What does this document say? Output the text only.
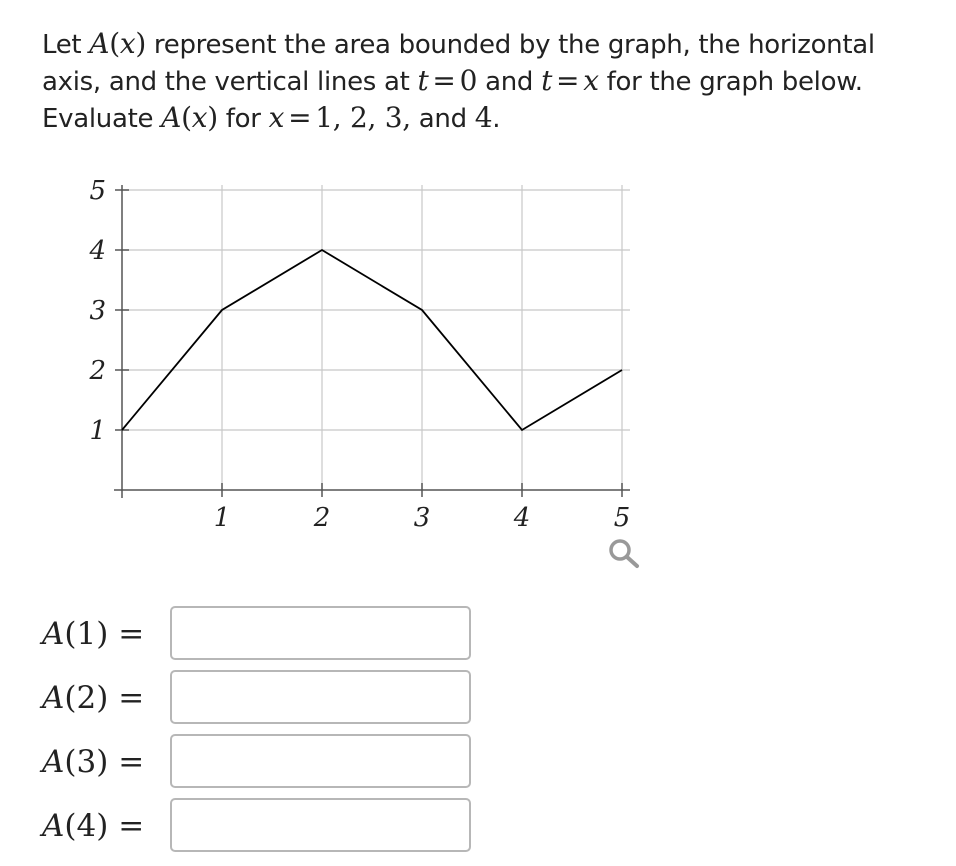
Let A(x) represent the area bounded by the graph, the horizontal axis, and the vertical lines at t = 0 and t = x for the graph below. Evaluate A(x) for x = 1, 2, 3, and 4.

1	2	3	4	5
1
2
3
4
5
A(1) =
A(2) =
A(3) =
A(4) =
